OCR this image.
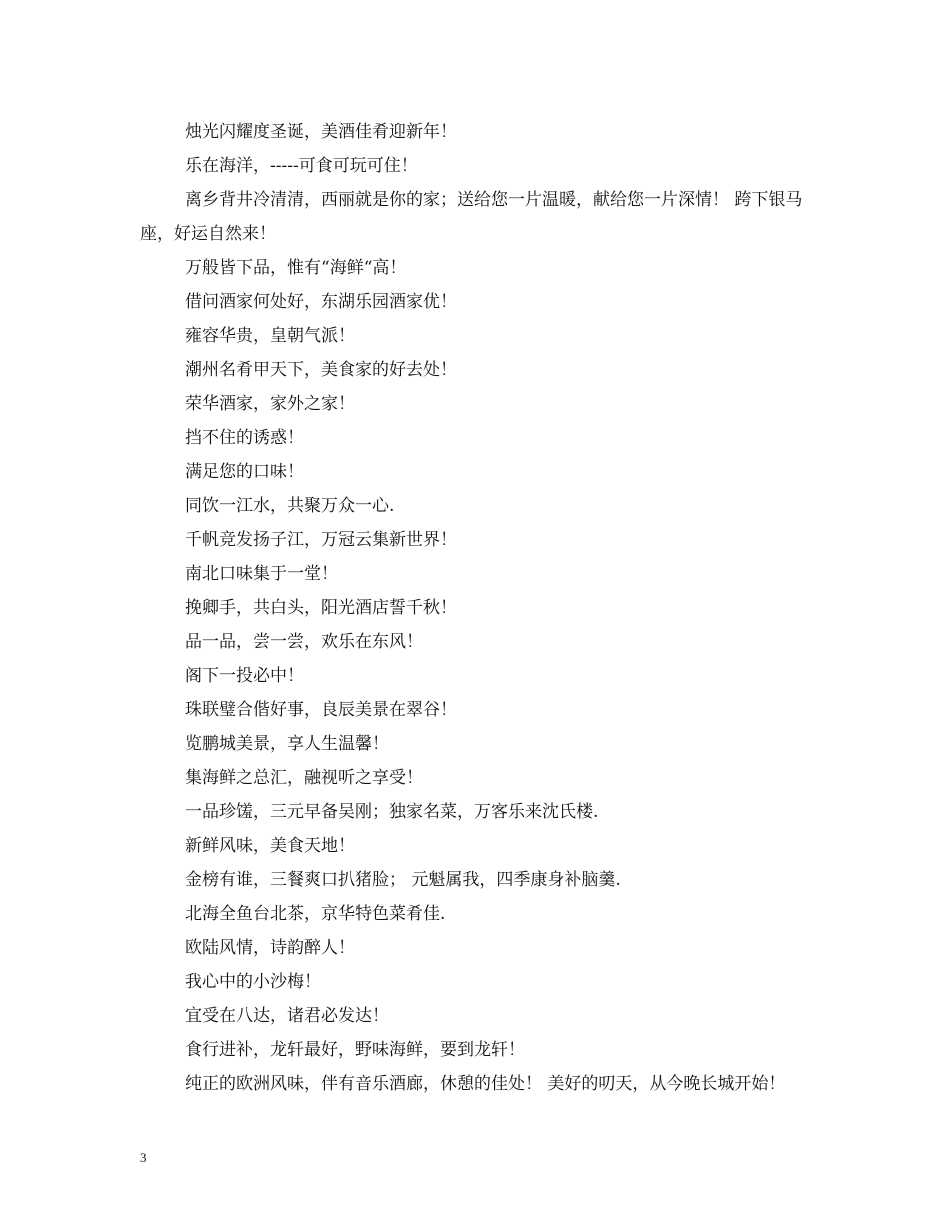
烛光闪耀度圣诞，美酒佳肴迎新年！

乐在海洋，-----可食可玩可住！

离乡背井冷清清，西丽就是你的家；送给您一片温暖，献给您一片深情！ 跨下银马座，好运自然来！

万般皆下品，惟有“海鲜“高！

借问酒家何处好，东湖乐园酒家优！

雍容华贵，皇朝气派！

潮州名肴甲天下，美食家的好去处！

荣华酒家，家外之家！

挡不住的诱惑！

满足您的口味！

同饮一江水，共聚万众一心.

千帆竞发扬子江，万冠云集新世界！

南北口味集于一堂！

挽卿手，共白头，阳光酒店誓千秋！

品一品，尝一尝，欢乐在东风！

阁下一投必中！

珠联璧合偕好事，良辰美景在翠谷！

览鹏城美景，享人生温馨！

集海鲜之总汇，融视听之享受！

一品珍馐，三元早备吴刚；独家名菜，万客乐来沈氏楼.

新鲜风味，美食天地！

金榜有谁，三餐爽口扒猪脸； 元魁属我，四季康身补脑羹.

北海全鱼台北茶，京华特色菜肴佳.

欧陆风情，诗韵醉人！

我心中的小沙梅！

宜受在八达，诸君必发达！

食行进补，龙轩最好，野味海鲜，要到龙轩！

纯正的欧洲风味，伴有音乐酒廊，休憩的佳处！ 美好的叨天，从今晚长城开始！

3
